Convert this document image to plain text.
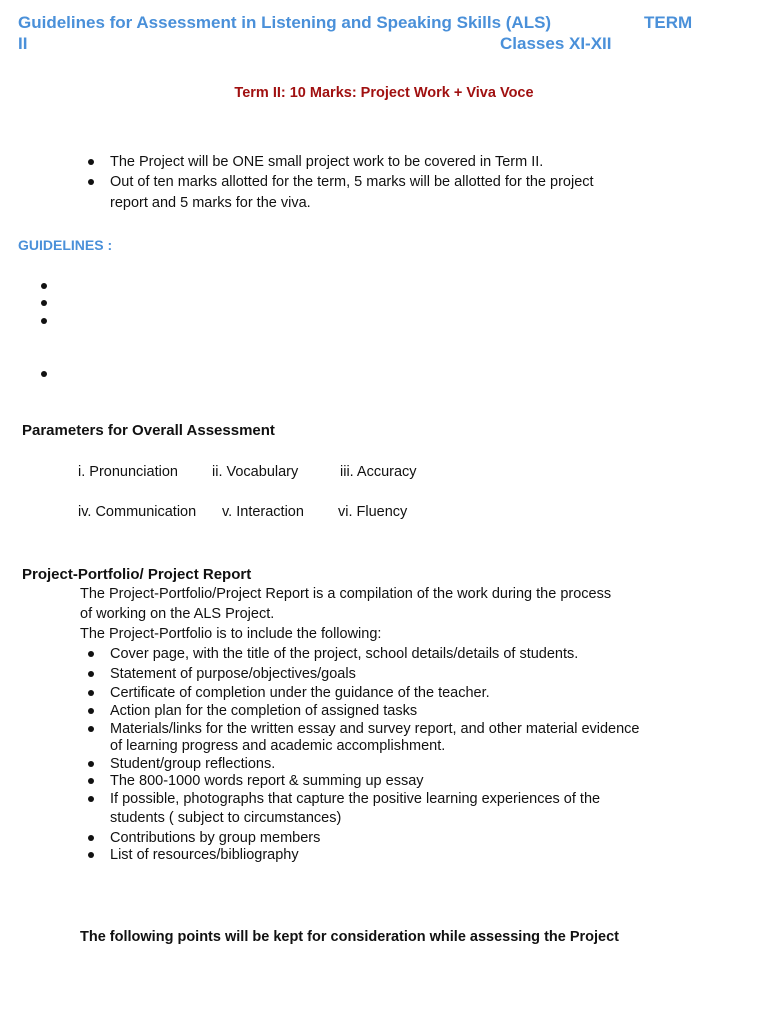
Guidelines for Assessment in Listening and Speaking Skills (ALS)	TERM
II	Classes XI-XII
Term II: 10 Marks: Project Work + Viva Voce
The Project will be ONE small project work to be covered in Term II.
Out of ten marks allotted for the term, 5 marks will be allotted for the project
report and 5 marks for the viva.
GUIDELINES :
Parameters for Overall Assessment
i. Pronunciation ii. Vocabulary	iii. Accuracy
iv. Communication v. Interaction vi. Fluency
Project-Portfolio/ Project Report
The Project-Portfolio/Project Report is a compilation of the work during the process
of working on the ALS Project.
The Project-Portfolio is to include the following:
Cover page, with the title of the project, school details/details of students.
Statement of purpose/objectives/goals
Certificate of completion under the guidance of the teacher.
Action plan for the completion of assigned tasks
Materials/links for the written essay and survey report, and other material evidence
of learning progress and academic accomplishment.
Student/group reflections.
The 800-1000 words report & summing up essay
If possible, photographs that capture the positive learning experiences of the
students ( subject to circumstances)
Contributions by group members
List of resources/bibliography
The following points will be kept for consideration while assessing the Project
